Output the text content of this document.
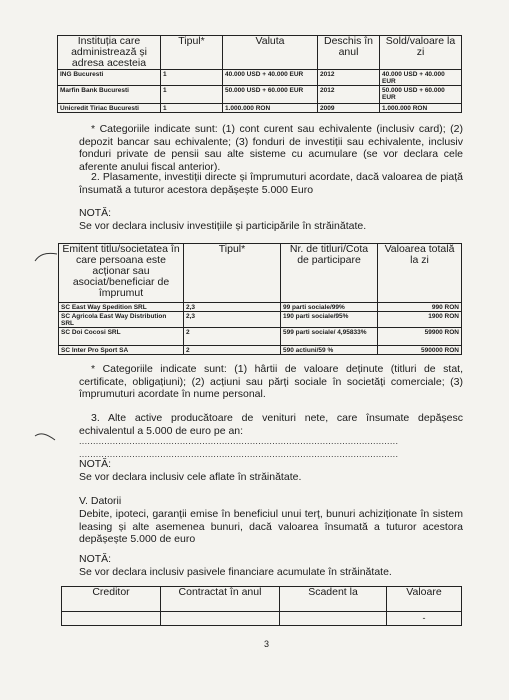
Instituția care administrează și adresa acesteia	Tipul*	Valuta	Deschis în anul	Sold/valoare la zi
ING Bucuresti	1	40.000 USD + 40.000 EUR	2012	40.000 USD + 40.000 EUR
Marfin Bank Bucuresti	1	50.000 USD + 60.000 EUR	2012	50.000 USD + 60.000 EUR
Unicredit Tiriac Bucuresti	1	1.000.000 RON	2009	1.000.000 RON

* Categoriile indicate sunt: (1) cont curent sau echivalente (inclusiv card); (2) depozit bancar sau echivalente; (3) fonduri de investiții sau echivalente, inclusiv fonduri private de pensii sau alte sisteme cu acumulare (se vor declara cele aferente anului fiscal anterior).

2. Plasamente, investiții directe și împrumuturi acordate, dacă valoarea de piață însumată a tuturor acestora depășește 5.000 Euro

NOTĂ:

Se vor declara inclusiv investițiile și participările în străinătate.

Emitent titlu/societatea în care persoana este acționar sau asociat/beneficiar de împrumut	Tipul*	Nr. de titluri/Cota de participare	Valoarea totală la zi
SC East Way Spedition SRL	2,3	99 parti sociale/99%	990 RON
SC Agricola East Way Distribution SRL	2,3	190 parti sociale/95%	1900 RON
SC Doi Cocosi SRL	2	599 parti sociale/ 4,95833%	59900 RON
SC Inter Pro Sport SA	2	590 actiuni/59 %	590000 RON

* Categoriile indicate sunt: (1) hârtii de valoare deținute (titluri de stat, certificate, obligațiuni); (2) acțiuni sau părți sociale în societăți comerciale; (3) împrumuturi acordate în nume personal.

3. Alte active producătoare de venituri nete, care însumate depășesc echivalentul a 5.000 de euro pe an:

..................................................................................................................
..................................................................................................................

NOTĂ:

Se vor declara inclusiv cele aflate în străinătate.

V. Datorii

Debite, ipoteci, garanții emise în beneficiul unui terț, bunuri achiziționate în sistem leasing și alte asemenea bunuri, dacă valoarea însumată a tuturor acestora depășește 5.000 de euro

NOTĂ:

Se vor declara inclusiv pasivele financiare acumulate în străinătate.

Creditor	Contractat în anul	Scadent la	Valoare
			-
3
